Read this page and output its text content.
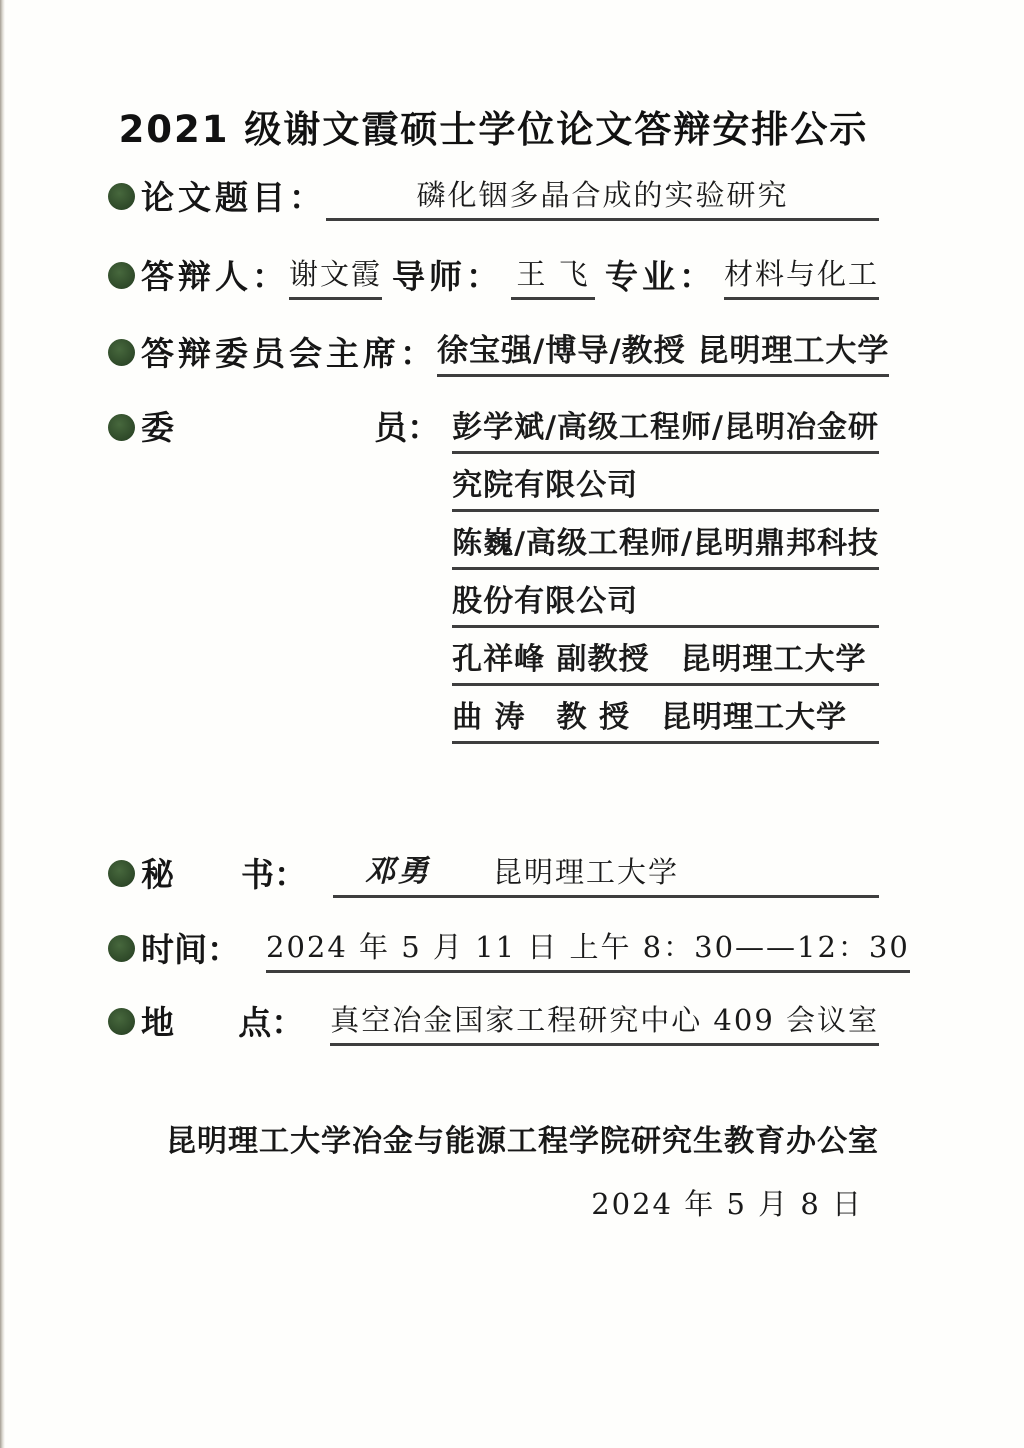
2021 级谢文霞硕士学位论文答辩安排公示
论文题目：	磷化铟多晶合成的实验研究
答辩人： 谢文霞 导师： 王 飞 专业： 材料与化工
答辩委员会主席： 徐宝强/博导/教授 昆明理工大学
委	员： 彭学斌/高级工程师/昆明冶金研
究院有限公司
陈巍/高级工程师/昆明鼎邦科技
股份有限公司
孔祥峰 副教授　昆明理工大学
曲 涛　教 授　昆明理工大学
秘 书： 邓勇 昆明理工大学
时 间： 2024 年 5 月 11 日 上午 8：30——12：30
地 点： 真空冶金国家工程研究中心 409 会议室
昆明理工大学冶金与能源工程学院研究生教育办公室
2024 年 5 月 8 日
